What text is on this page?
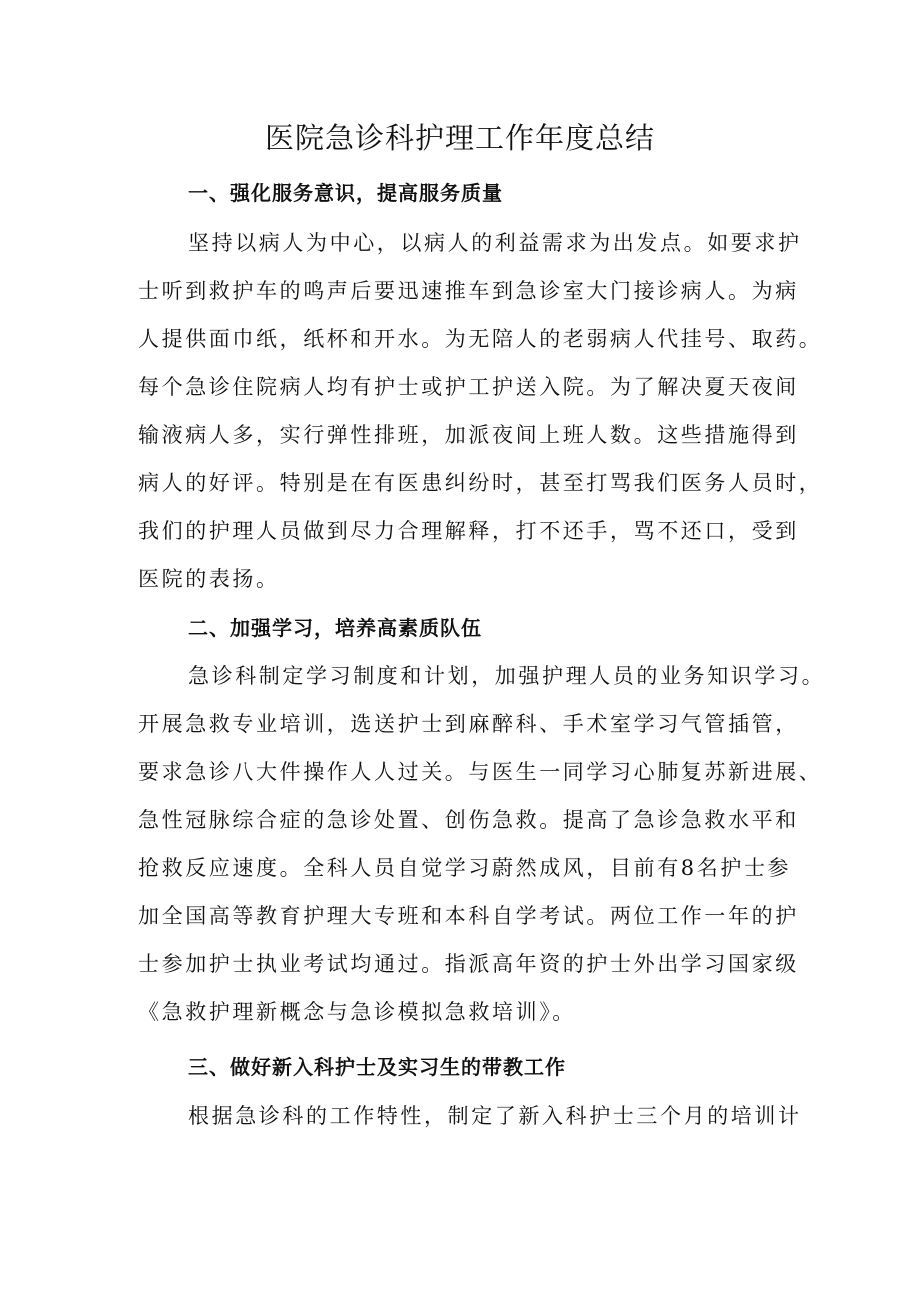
医院急诊科护理工作年度总结
一、强化服务意识，提高服务质量
坚持以病人为中心，以病人的利益需求为出发点。如要求护
士听到救护车的鸣声后要迅速推车到急诊室大门接诊病人。为病
人提供面巾纸，纸杯和开水。为无陪人的老弱病人代挂号、取药。
每个急诊住院病人均有护士或护工护送入院。为了解决夏天夜间
输液病人多，实行弹性排班，加派夜间上班人数。这些措施得到
病人的好评。特别是在有医患纠纷时，甚至打骂我们医务人员时，
我们的护理人员做到尽力合理解释，打不还手，骂不还口，受到
医院的表扬。
二、加强学习，培养高素质队伍
急诊科制定学习制度和计划，加强护理人员的业务知识学习。
开展急救专业培训，选送护士到麻醉科、手术室学习气管插管，
要求急诊八大件操作人人过关。与医生一同学习心肺复苏新进展、
急性冠脉综合症的急诊处置、创伤急救。提高了急诊急救水平和
抢救反应速度。全科人员自觉学习蔚然成风，目前有8名护士参
加全国高等教育护理大专班和本科自学考试。两位工作一年的护
士参加护士执业考试均通过。指派高年资的护士外出学习国家级
《急救护理新概念与急诊模拟急救培训》。
三、做好新入科护士及实习生的带教工作
根据急诊科的工作特性，制定了新入科护士三个月的培训计
